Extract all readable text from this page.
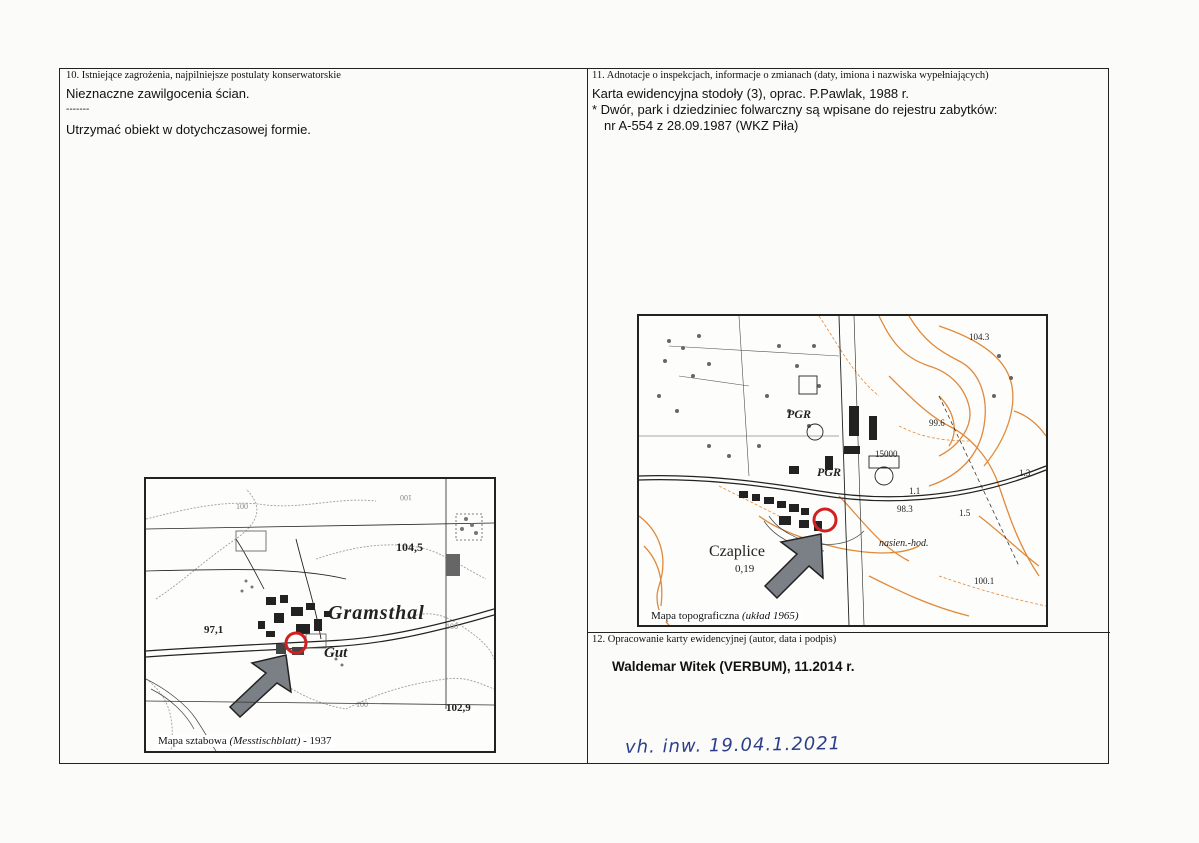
10. Istniejące zagrożenia, najpilniejsze postulaty konserwatorskie
Nieznaczne zawilgocenia ścian.
-------
Utrzymać obiekt w dotychczasowej formie.
11. Adnotacje o inspekcjach, informacje o zmianach (daty, imiona i nazwiska wypełniających)
Karta ewidencyjna stodoły (3), oprac. P.Pawlak, 1988 r.
* Dwór, park i dziedziniec folwarczny są wpisane do rejestru zabytków:
nr A-554 z 28.09.1987 (WKZ Piła)
Gramsthal
Gut
104,5
97,1
102,9
100
100
100
100
Mapa sztabowa (Messtischblatt) - 1937
PGR
PGR
Czaplice
0,19
104.3
99.6
98.3
100.1
15000
1.5
1.1
1.3
nasien.-hod.
Mapa topograficzna (układ 1965)
12. Opracowanie karty ewidencyjnej (autor, data i podpis)
Waldemar Witek (VERBUM), 11.2014 r.
vh. inw. 19.04.1.2021
